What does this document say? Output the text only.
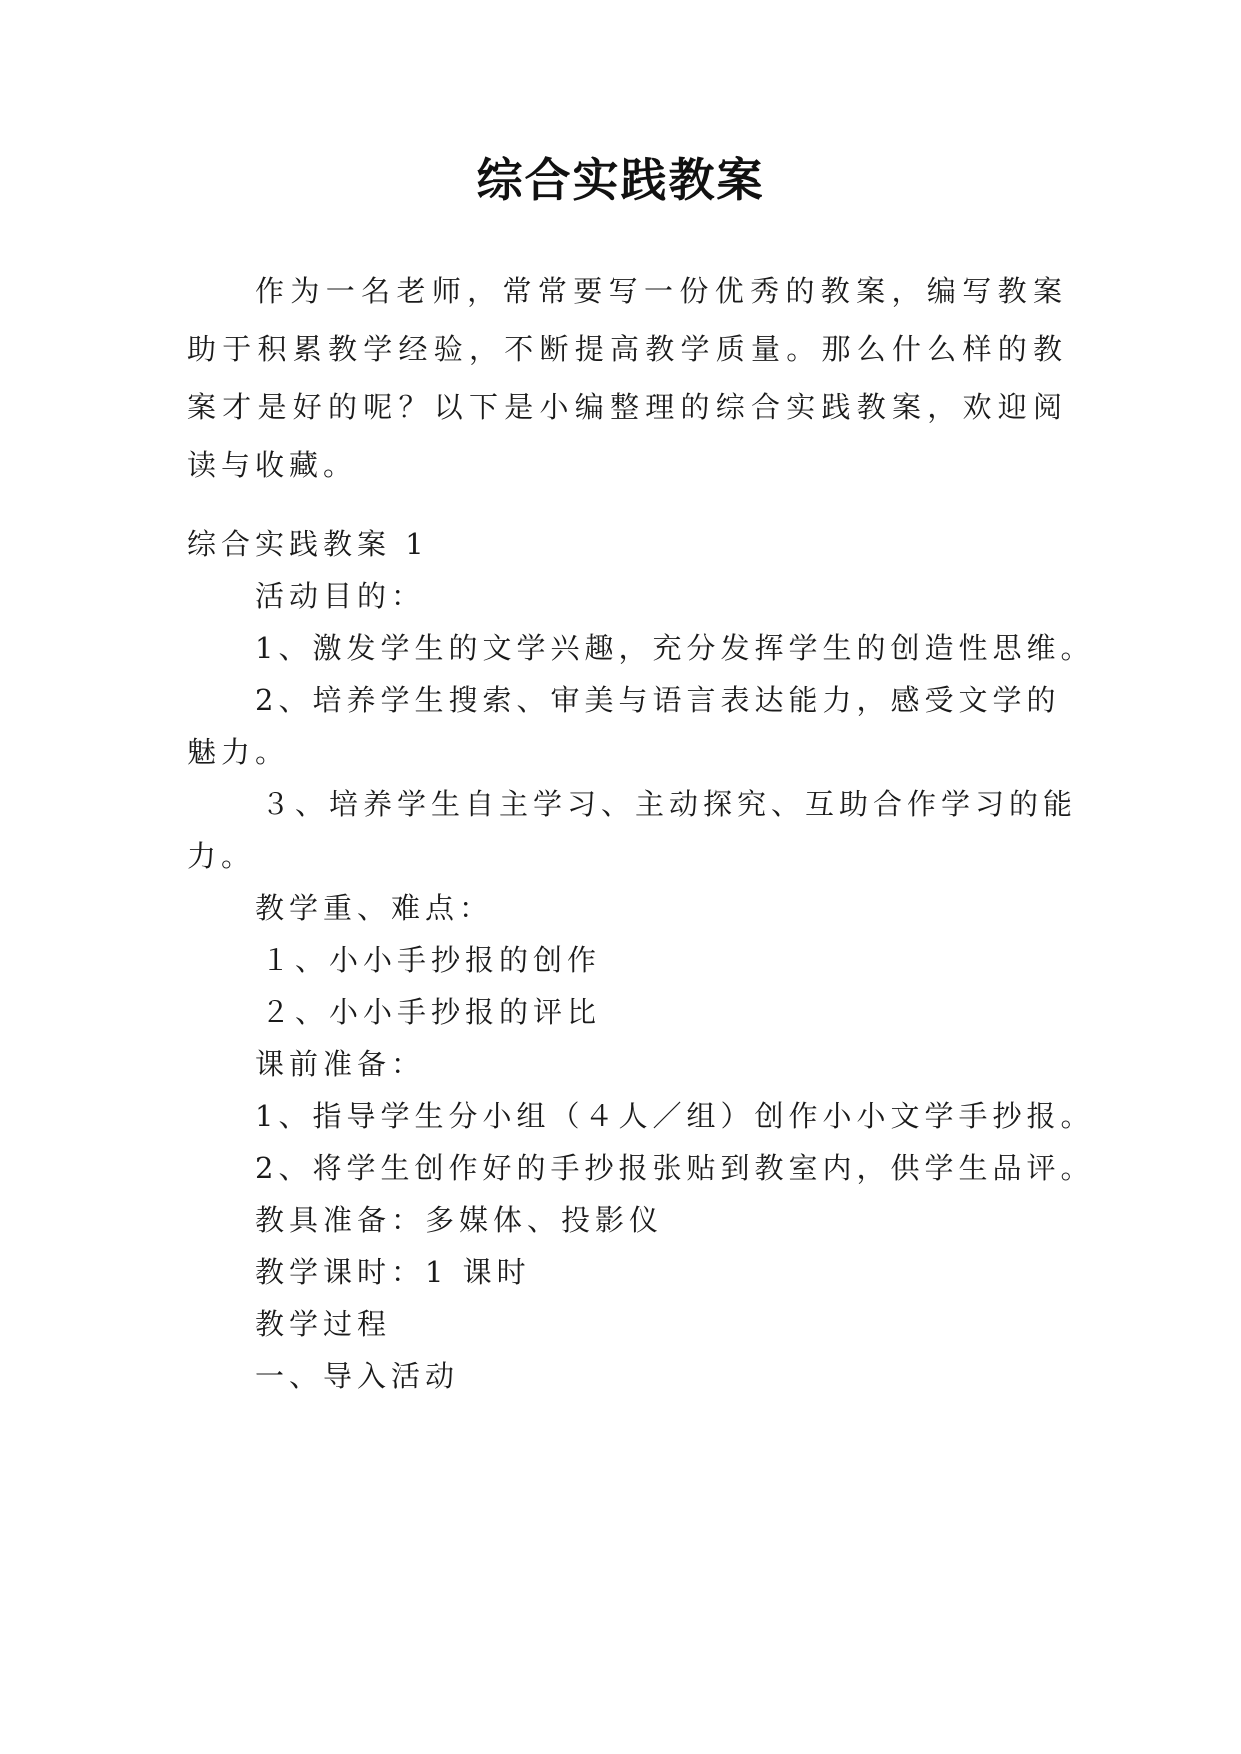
综合实践教案

作为一名老师，常常要写一份优秀的教案，编写教案助于积累教学经验，不断提高教学质量。那么什么样的教案才是好的呢？以下是小编整理的综合实践教案，欢迎阅读与收藏。

综合实践教案 1

活动目的：

1、激发学生的文学兴趣，充分发挥学生的创造性思维。

2、培养学生搜索、审美与语言表达能力，感受文学的

魅力。

３、培养学生自主学习、主动探究、互助合作学习的能

力。

教学重、难点：

１、小小手抄报的创作

２、小小手抄报的评比

课前准备：

1、指导学生分小组（４人／组）创作小小文学手抄报。

2、将学生创作好的手抄报张贴到教室内，供学生品评。

教具准备：多媒体、投影仪

教学课时：1 课时

教学过程

一、导入活动
